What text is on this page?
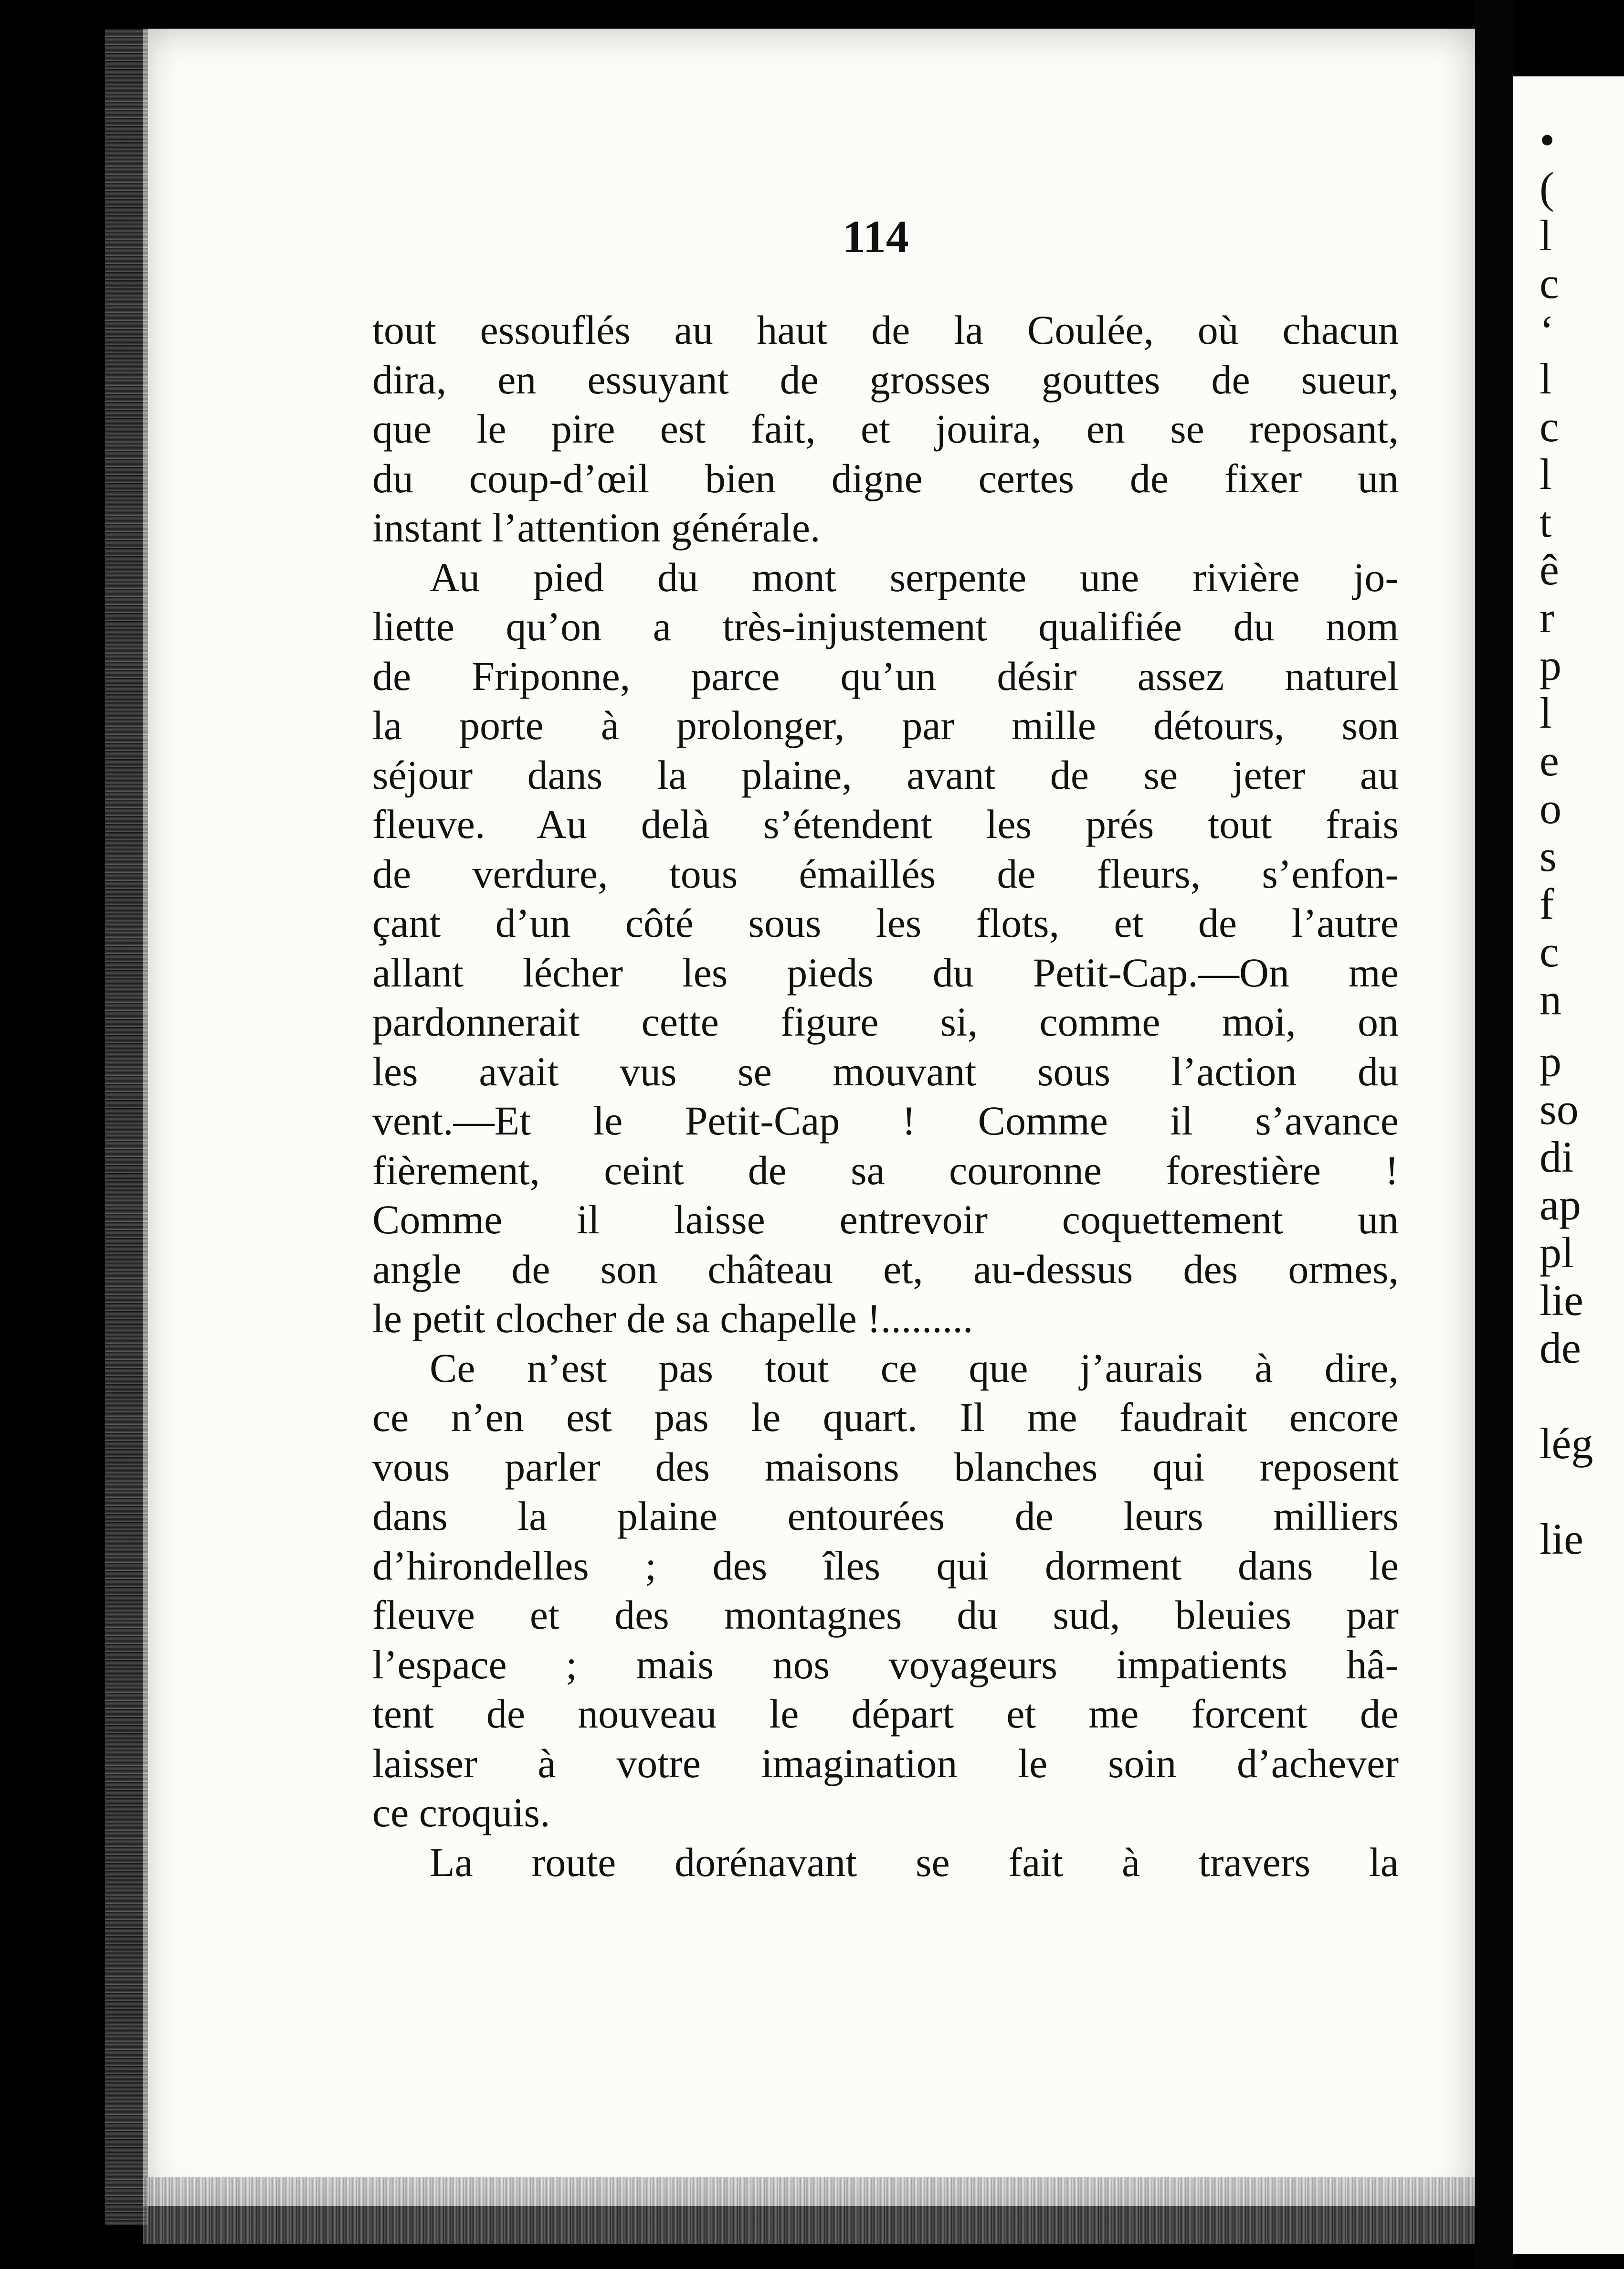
•
(
l
c
‘
l
c
l
t
ê
r
p
l
e
o
s
f
c
n
p
so
di
ap
pl
lie
de
lég
lie
114
tout essouflés au haut de la Coulée, où chacun
dira, en essuyant de grosses gouttes de sueur,
que le pire est fait, et jouira, en se reposant,
du coup-d’œil bien digne certes de fixer un
instant l’attention générale.
Au pied du mont serpente une rivière jo-
liette qu’on a très-injustement qualifiée du nom
de Friponne, parce qu’un désir assez naturel
la porte à prolonger, par mille détours, son
séjour dans la plaine, avant de se jeter au
fleuve. Au delà s’étendent les prés tout frais
de verdure, tous émaillés de fleurs, s’enfon-
çant d’un côté sous les flots, et de l’autre
allant lécher les pieds du Petit-Cap.—On me
pardonnerait cette figure si, comme moi, on
les avait vus se mouvant sous l’action du
vent.—Et le Petit-Cap ! Comme il s’avance
fièrement, ceint de sa couronne forestière !
Comme il laisse entrevoir coquettement un
angle de son château et, au-dessus des ormes,
le petit clocher de sa chapelle !.........
Ce n’est pas tout ce que j’aurais à dire,
ce n’en est pas le quart. Il me faudrait encore
vous parler des maisons blanches qui reposent
dans la plaine entourées de leurs milliers
d’hirondelles ; des îles qui dorment dans le
fleuve et des montagnes du sud, bleuies par
l’espace ; mais nos voyageurs impatients hâ-
tent de nouveau le départ et me forcent de
laisser à votre imagination le soin d’achever
ce croquis.
La route dorénavant se fait à travers la
